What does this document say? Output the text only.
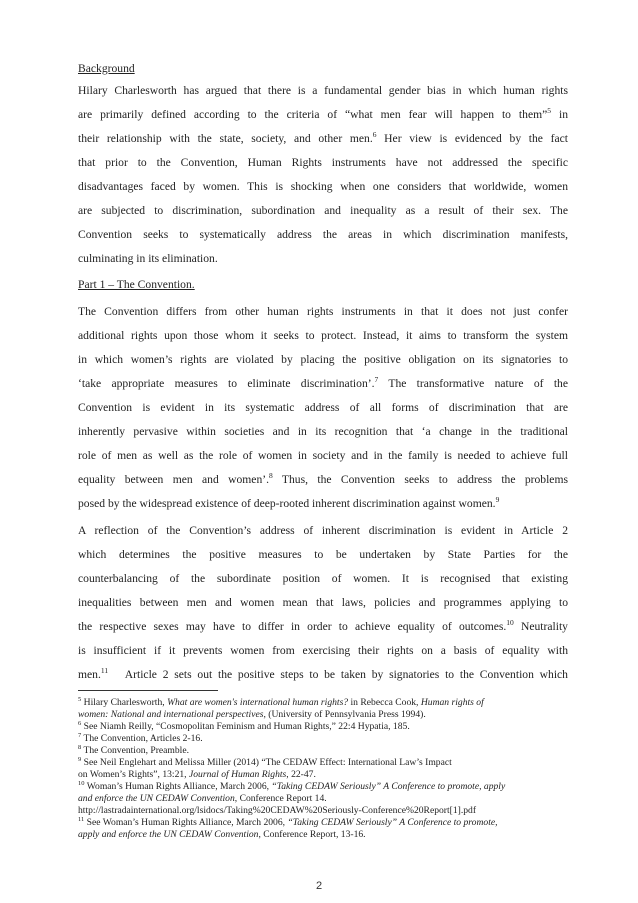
Background
Hilary Charlesworth has argued that there is a fundamental gender bias in which human rights
are primarily defined according to the criteria of “what men fear will happen to them”$^5$ in
their relationship with the state, society, and other men.$^6$ Her view is evidenced by the fact
that prior to the Convention, Human Rights instruments have not addressed the specific
disadvantages faced by women. This is shocking when one considers that worldwide, women
are subjected to discrimination, subordination and inequality as a result of their sex. The
Convention seeks to systematically address the areas in which discrimination manifests,
culminating in its elimination.
Part 1 – The Convention.
The Convention differs from other human rights instruments in that it does not just confer
additional rights upon those whom it seeks to protect. Instead, it aims to transform the system
in which women’s rights are violated by placing the positive obligation on its signatories to
‘take appropriate measures to eliminate discrimination’.$^7$ The transformative nature of the
Convention is evident in its systematic address of all forms of discrimination that are
inherently pervasive within societies and in its recognition that ‘a change in the traditional
role of men as well as the role of women in society and in the family is needed to achieve full
equality between men and women’.$^8$ Thus, the Convention seeks to address the problems
posed by the widespread existence of deep-rooted inherent discrimination against women.$^9$
A reflection of the Convention’s address of inherent discrimination is evident in Article 2
which determines the positive measures to be undertaken by State Parties for the
counterbalancing of the subordinate position of women. It is recognised that existing
inequalities between men and women mean that laws, policies and programmes applying to
the respective sexes may have to differ in order to achieve equality of outcomes.$^{10}$ Neutrality
is insufficient if it prevents women from exercising their rights on a basis of equality with
men.$^{11}$ Article 2 sets out the positive steps to be taken by signatories to the Convention which
$^5$ Hilary Charlesworth, What are women's international human rights? in Rebecca Cook, Human rights of
women: National and international perspectives, (University of Pennsylvania Press 1994).
$^6$ See Niamh Reilly, “Cosmopolitan Feminism and Human Rights,” 22:4 Hypatia, 185.
$^7$ The Convention, Articles 2-16.
$^8$ The Convention, Preamble.
$^9$ See Neil Englehart and Melissa Miller (2014) “The CEDAW Effect: International Law’s Impact
on Women’s Rights”, 13:21, Journal of Human Rights, 22-47.
$^{10}$ Woman’s Human Rights Alliance, March 2006, “Taking CEDAW Seriously” A Conference to promote, apply
and enforce the UN CEDAW Convention, Conference Report 14.
http://lastradainternational.org/lsidocs/Taking%20CEDAW%20Seriously-Conference%20Report[1].pdf
$^{11}$ See Woman’s Human Rights Alliance, March 2006, “Taking CEDAW Seriously” A Conference to promote,
apply and enforce the UN CEDAW Convention, Conference Report, 13-16.
2
